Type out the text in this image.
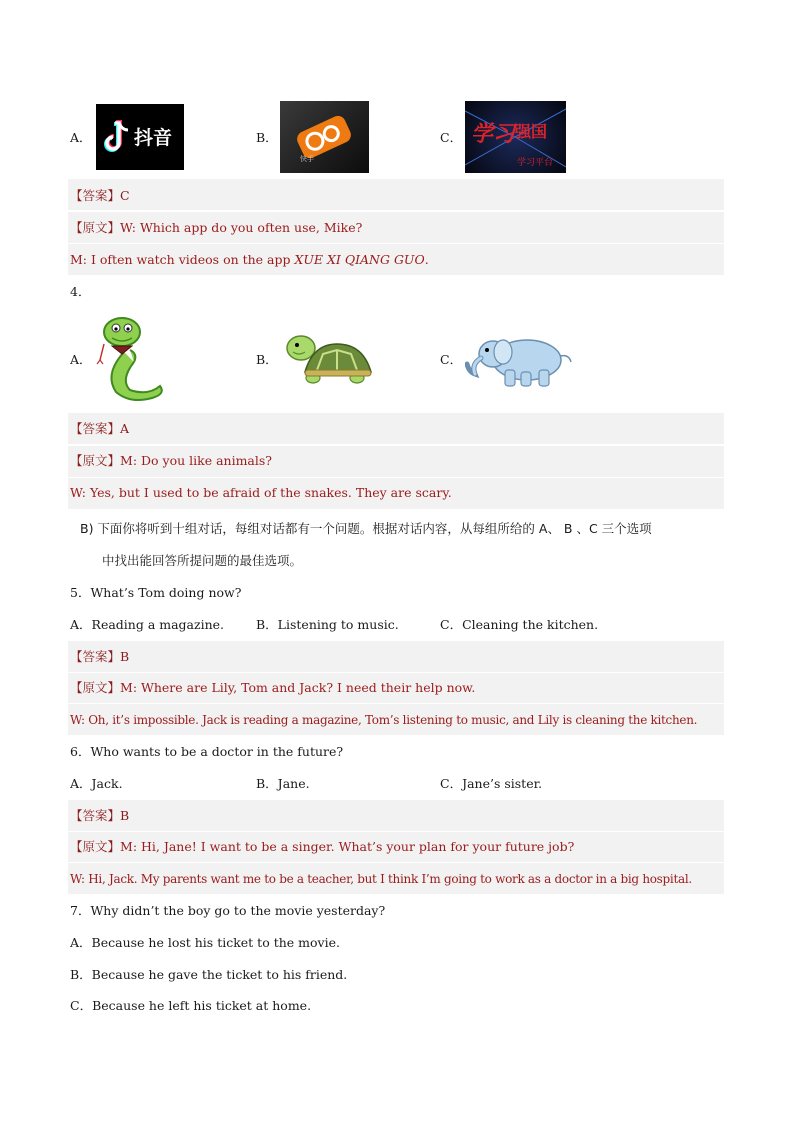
A． 抖音	B．
快手
C． 学习 强国
学习平台
【答案】C
【原文】W: Which app do you often use, Mike?
M: I often watch videos on the app XUE XI QIANG GUO.
4．
A．	B．	C．
【答案】A
【原文】M: Do you like animals?
W: Yes, but I used to be afraid of the snakes. They are scary.
B) 下面你将听到十组对话，每组对话都有一个问题。根据对话内容，从每组所给的 A、 B 、C 三个选项
中找出能回答所提问题的最佳选项。
5．What’s Tom doing now?
A．Reading a magazine.	B．Listening to music.	C．Cleaning the kitchen.
【答案】B
【原文】M: Where are Lily, Tom and Jack? I need their help now.
W: Oh, it’s impossible. Jack is reading a magazine, Tom’s listening to music, and Lily is cleaning the kitchen.
6．Who wants to be a doctor in the future?
A．Jack.	B．Jane.	C．Jane’s sister.
【答案】B
【原文】M: Hi, Jane! I want to be a singer. What’s your plan for your future job?
W: Hi, Jack. My parents want me to be a teacher, but I think I’m going to work as a doctor in a big hospital.
7．Why didn’t the boy go to the movie yesterday?
A．Because he lost his ticket to the movie.
B．Because he gave the ticket to his friend.
C．Because he left his ticket at home.
